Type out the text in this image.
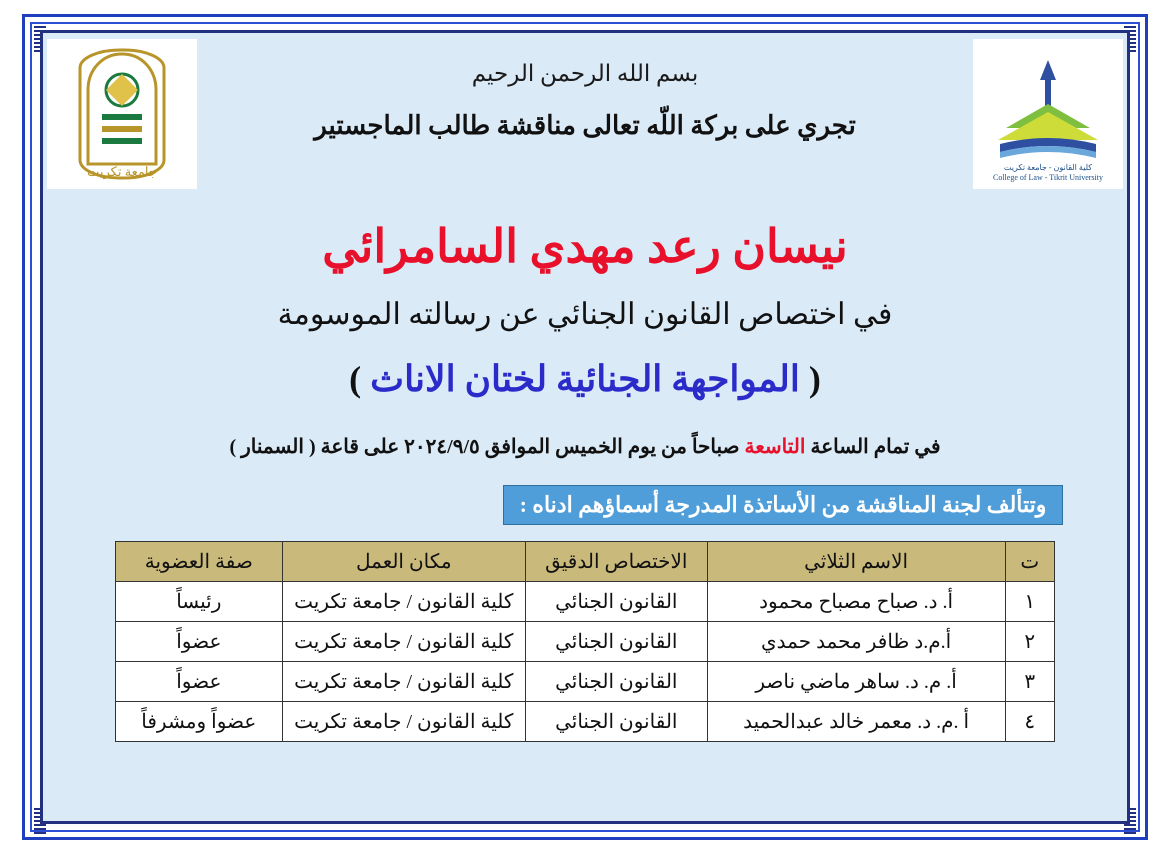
جامعة تكريت	كلية القانون - جامعة تكريت
College of Law - Tikrit University
بسم الله الرحمن الرحيم
تجري على بركة اللّه تعالى مناقشة طالب الماجستير
نيسان رعد مهدي السامرائي
في اختصاص القانون الجنائي عن رسالته الموسومة
( المواجهة الجنائية لختان الاناث )
في تمام الساعة التاسعة صباحاً من يوم الخميس الموافق ٢٠٢٤/٩/٥ على قاعة ( السمنار )
وتتألف لجنة المناقشة من الأساتذة المدرجة أسماؤهم ادناه :
ت	الاسم الثلاثي	الاختصاص الدقيق	مكان العمل	صفة العضوية
١	أ. د. صباح مصباح محمود	القانون الجنائي	كلية القانون / جامعة تكريت	رئيساً
٢	أ.م.د ظافر محمد حمدي	القانون الجنائي	كلية القانون / جامعة تكريت	عضواً
٣	أ. م. د. ساهر ماضي ناصر	القانون الجنائي	كلية القانون / جامعة تكريت	عضواً
٤	أ .م. د. معمر خالد عبدالحميد	القانون الجنائي	كلية القانون / جامعة تكريت	عضواً ومشرفاً
